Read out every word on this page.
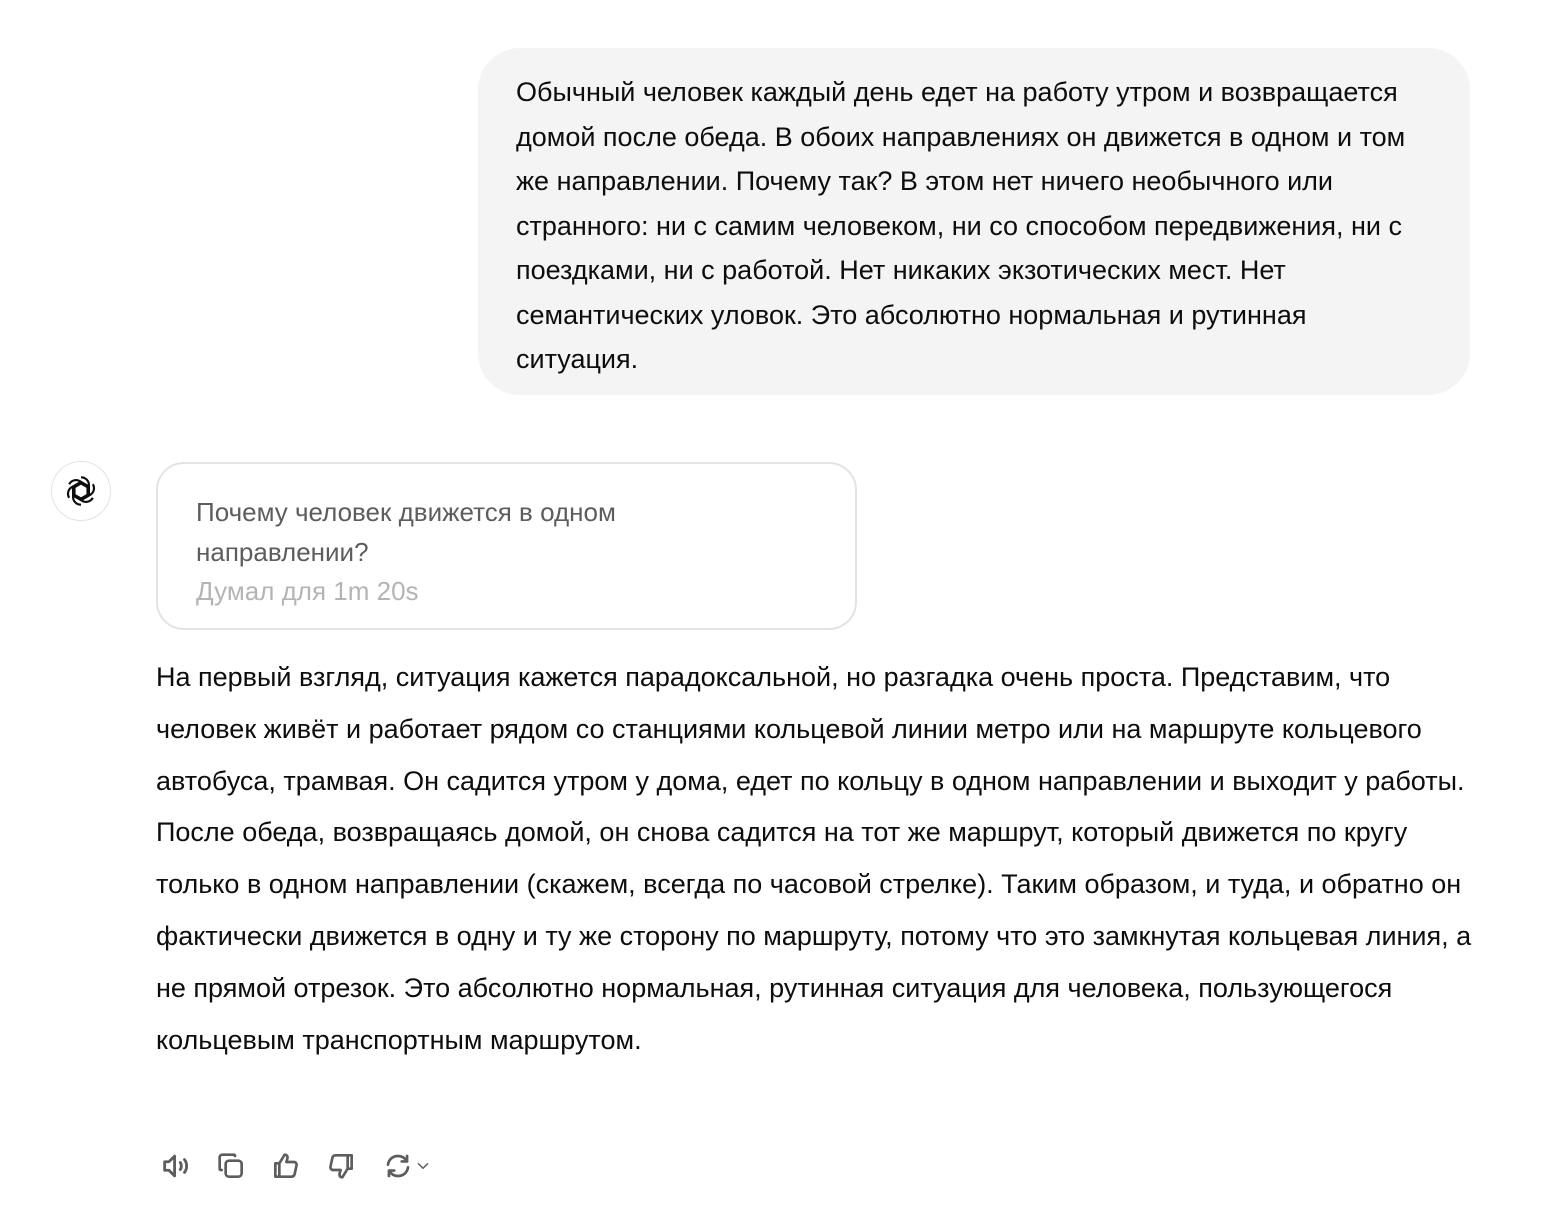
Обычный человек каждый день едет на работу утром и возвращается домой после обеда. В обоих направлениях он движется в одном и том же направлении. Почему так? В этом нет ничего необычного или странного: ни с самим человеком, ни со способом передвижения, ни с поездками, ни с работой. Нет никаких экзотических мест. Нет семантических уловок. Это абсолютно нормальная и рутинная ситуация.
Почему человек движется в одном направлении?
Думал для 1m 20s

На первый взгляд, ситуация кажется парадоксальной, но разгадка очень проста. Представим, что человек живёт и работает рядом со станциями кольцевой линии метро или на маршруте кольцевого автобуса, трамвая. Он садится утром у дома, едет по кольцу в одном направлении и выходит у работы. После обеда, возвращаясь домой, он снова садится на тот же маршрут, который движется по кругу только в одном направлении (скажем, всегда по часовой стрелке). Таким образом, и туда, и обратно он фактически движется в одну и ту же сторону по маршруту, потому что это замкнутая кольцевая линия, а не прямой отрезок. Это абсолютно нормальная, рутинная ситуация для человека, пользующегося кольцевым транспортным маршрутом.
